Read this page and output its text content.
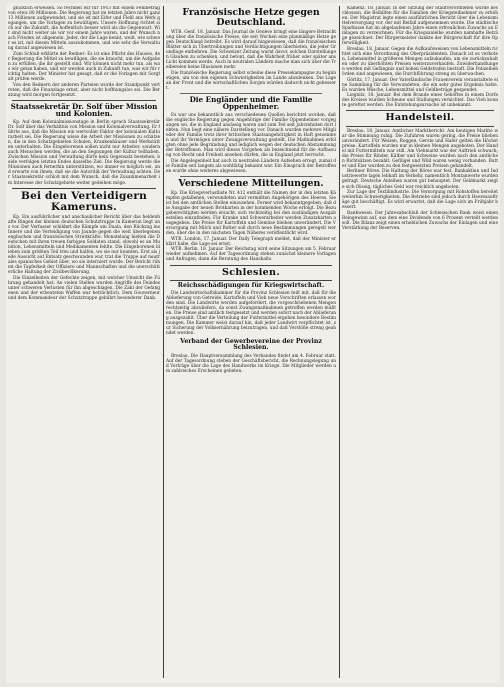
glücklich erweisen. So rechnen wir für 1913 mit einem Fehlbetrag von etwa 80 Millionen. Die Regierung hat im letzten Jahre nicht ganz 13 Millionen aufgewendet, und sie ist mit Eifer und Fleiß ans Werk gegangen, um die Vorlagen zu bewältigen. Unsere Hoffnung richtet sich auf die Zukunft, die hoffentlich besser wird als die Gegenwart. Wir sind nicht weiter als wir vor einem Jahre waren, und der Wunsch nach Frieden ist allgemein. Jeder, der die Lage kennt, weiß, wie schwer es ist, mit diesen Mitteln auszukommen, und wie sehr die Verwaltung darauf angewiesen ist.

Zum Schluß erklärte der Redner: Es ist eine Pflicht des Hauses, der Regierung die Mittel zu bewilligen, die sie braucht, um die Aufgaben zu erfüllen, die ihr gestellt sind. Wir können nicht mehr tun, als was wir getan haben, und wir werden auch in Zukunft tun, was wir für richtig halten. Der Minister hat gesagt, daß er die Vorlagen mit Sorgfalt prüfen werde.

Von den Rednern der anderen Parteien wurde der Standpunkt vertreten, daß die Finanzlage ernst, aber nicht hoffnungslos sei. Die Beratung wird morgen fortgesetzt.

Staatssekretär Dr. Solf über Mission und Kolonien.

Kp. Auf dem Kolonialmissionstage in Berlin sprach Staatssekretär Dr. Solf über das Verhältnis von Mission und Kolonialverwaltung. Er führte aus, daß die Mission ein wertvoller Faktor der kolonialen Kulturarbeit sei. Die Regierung wisse die Arbeit der Missionen zu schätzen, die in den Schutzgebieten Schulen, Krankenhäuser und Werkstätten unterhalten. Die Eingeborenen sollen nicht nur Arbeiter, sondern auch Menschen werden, die an den Segnungen der Kultur teilhaben. Zwischen Mission und Verwaltung dürfe kein Gegensatz bestehen; beide verfolgen letzten Endes dasselbe Ziel. Die Regierung werde die Missionen auch fernerhin unterstützen, wo immer es möglich sei, und erwarte von ihnen, daß sie die Autorität der Verwaltung achten. Der Staatssekretär schloß mit dem Wunsch, daß die Zusammenarbeit im Interesse der Schutzgebiete weiter gedeihen möge.

Bei den Verteidigern Kameruns.

Kp. Ein ausführlicher und anschaulicher Bericht über das heldenhafte Ringen der kleinen deutschen Schutztruppe in Kamerun liegt uns vor. Der Verfasser schildert die Kämpfe um Duala, den Rückzug ins Innere und die Verteidigung von Jaunde gegen die weit überlegenen englischen und französischen Streitkräfte. Monatelang hielten die Deutschen mit ihren treuen farbigen Soldaten stand, obwohl es an Munition, Lebensmitteln und Medikamenten fehlte. Die Eingeborenen blieben zum größten Teil treu und halfen, wo sie nur konnten. Erst als jede Aussicht auf Entsatz geschwunden war, trat die Truppe auf neutrales spanisches Gebiet über, wo sie interniert wurde. Der Bericht rühmt die Tapferkeit der Offiziere und Mannschaften und die unerschütterliche Haltung der Zivilbevölkerung.

Die Einzelheiten der Gefechte zeigen, mit welcher Umsicht die Führung gehandelt hat. An vielen Stellen wurden Angriffe des Feindes unter schweren Verlusten für ihn abgeschlagen. Die Zahl der Gefangenen und der erbeuteten Waffen war beträchtlich. Dem Gouverneur und dem Kommandeur der Schutztruppe gebührt besonderer Dank.

Französische Hetze gegen Deutschland.

WTB. Genf, 18. Januar. Das Journal de Genève bringt eine längere Betrachtung über die französische Presse, die seit Wochen eine planmäßige Hetze gegen Deutschland betreibt. Es wird darauf hingewiesen, daß die französischen Blätter sich in Übertreibungen und Verdächtigungen überbieten, die jeder Grundlage entbehren. Die Schweizer Zeitung warnt davor, solchen Darstellungen Glauben zu schenken, und betont, daß die Wahrheit früher oder später ans Licht kommen werde. Auch in neutralen Ländern mache man sich über die Treibereien keine Illusionen mehr.

Die französische Regierung selbst scheine diese Pressekampagne zu begünstigen, um von den eigenen Schwierigkeiten im Lande abzulenken. Die Lage an der Front und die wirtschaftlichen Sorgen würden dadurch nicht gebessert.

Die Engländer und die Familie Oppenheimer.

Es war uns bekanntlich aus verschiedenen Quellen berichtet worden, daß die englische Regierung gegen Angehörige der Familie Oppenheimer vorgegangen sei, die in England ansässig waren und zum Teil seit Jahrzehnten dort lebten. Nun liegt eine nähere Darstellung vor. Danach wurden mehrere Mitglieder der Familie trotz ihrer britischen Staatsangehörigkeit in Haft genommen und ihr Vermögen unter Zwangsverwaltung gestellt. Die Maßnahmen erfolgten ohne jede Begründung und lediglich wegen der deutschen Abstammung der Betroffenen. Man wird dieses Vorgehen als bezeichnend für die Auffassung von Recht und Freiheit ansehen dürfen, die in England jetzt herrscht.

Die Angelegenheit hat auch in neutralen Ländern Aufsehen erregt, zumal die Familie seit langem als wohltätig bekannt war. Ein Einspruch der Betroffenen wurde ohne weiteres abgewiesen.

Verschiedene Mitteilungen.

Kp. Die Kriegsverlustliste Nr. 412 enthält die Namen der in den letzten Kämpfen gefallenen, verwundeten und vermißten Angehörigen des Heeres. Sie ist bei den amtlichen Stellen einzusehen. Ferner wird bekanntgegeben, daß die Ausgabe der neuen Brotkarten in der kommenden Woche erfolgt. Die Bezugsberechtigten werden ersucht, sich rechtzeitig bei den zuständigen Ausgabestellen einzufinden. Für Kranke und Schwerarbeiter werden Zusatzkarten ausgegeben. Die Preise für Kartoffeln und Gemüse bleiben unverändert. Die Versorgung mit Milch und Butter soll durch neue Bestimmungen geregelt werden, über die in den nächsten Tagen Näheres veröffentlicht wird.

WTB. London, 17. Januar. Der Daily Telegraph meldet, daß der Minister erklärt habe, die Lage sei ernst.

WTB. Berlin, 18. Januar. Der Reichstag wird seine Sitzungen am 5. Februar wieder aufnehmen. Auf der Tagesordnung stehen zunächst kleinere Vorlagen und Anfragen, dann die Beratung des Haushalts.

Schlesien.
Reichsschädigungen für Kriegswirtschaft.

Die Landwirtschaftskammer für die Provinz Schlesien teilt mit, daß für die Ablieferung von Getreide, Kartoffeln und Vieh neue Vorschriften erlassen worden sind. Die Landwirte werden aufgefordert, die vorgeschriebenen Mengen rechtzeitig abzuliefern, da sonst Zwangsmaßnahmen getroffen werden müßten. Die Preise sind amtlich festgesetzt und werden sofort nach der Ablieferung ausgezahlt. Über die Verteilung der Futtermittel ergehen besondere Bestimmungen. Die Kammer weist darauf hin, daß jeder Landwirt verpflichtet ist, zur Sicherung der Volksernährung beizutragen, und daß Verstöße streng geahndet werden.

Verband der Gewerbevereine der Provinz Schlesien.

Breslau. Die Hauptversammlung des Verbandes findet am 4. Februar statt. Auf der Tagesordnung stehen der Geschäftsbericht, die Rechnungslegung und Vorträge über die Lage des Handwerks im Kriege. Die Mitglieder werden um zahlreiches Erscheinen gebeten.

Kamenz, 18. Januar. In der Sitzung der Stadtverordneten wurde beschlossen, die Beihilfen für die Familien der Kriegsteilnehmer zu erhöhen. Der Magistrat legte einen ausführlichen Bericht über die Lebensmittelversorgung vor, der mit Beifall aufgenommen wurde. Die städtische Sparkasse hat im abgelaufenen Jahre einen erfreulichen Zuwachs an Einlagen zu verzeichnen. Für die Kriegsanleihe wurden namhafte Beträge gezeichnet. Der Bürgermeister dankte der Bürgerschaft für ihre Opferwilligkeit.

Breslau, 18. Januar. Gegen die Aufkaufsweisen von Lebensmitteln richtet sich eine Verordnung des Oberpräsidenten. Danach ist es verboten, Lebensmittel in größeren Mengen aufzukaufen, um sie zurückzuhalten oder zu überhöhten Preisen weiterzuverkaufen. Zuwiderhandlungen werden mit Gefängnis und hohen Geldstrafen bestraft. Die Polizeibehörden sind angewiesen, die Durchführung streng zu überwachen.

Görlitz, 17. Januar. Der Vaterländische Frauenverein veranstaltete eine Sammlung für die Verwundeten, die ein sehr gutes Ergebnis hatte. Es wurden Wäsche, Lebensmittel und Geldbeträge gespendet.

Liegnitz, 18. Januar. Bei dem Brande eines Gehöftes in einem Dorfe des Kreises wurden Scheune und Stallungen vernichtet. Das Vieh konnte gerettet werden. Die Entstehungsursache ist unbekannt.

Handelsteil.

Breslau, 18. Januar. Amtlicher Marktbericht. Am heutigen Markte war die Stimmung ruhig. Die Zufuhren waren gering, die Preise blieben unverändert. Für Weizen, Roggen, Gerste und Hafer gelten die Höchstpreise. Kartoffeln wurden nur in kleinen Mengen angeboten. Der Handel mit Futtermitteln war still. Am Viehmarkt war der Auftrieb schwach; die Preise für Rinder, Kälber und Schweine wurden nach den amtlichen Richtsätzen bezahlt. Geflügel und Wild waren wenig vorhanden. Butter und Eier wurden zu den festgesetzten Preisen gehandelt.

Berliner Börse. Die Haltung der Börse war fest. Bankaktien und Industriewerte lagen lebhaft im Verkehr, namentlich Montanwerte wurden gefragt. Deutsche Anleihen waren gut behauptet. Der Geldmarkt zeigte sich flüssig, tägliches Geld war reichlich angeboten.

Zur Lage der Textilindustrie. Die Versorgung mit Rohstoffen bereitet weiterhin Schwierigkeiten. Die Betriebe sind jedoch durch Heeresaufträge gut beschäftigt. Es wird erwartet, daß die Lage sich im Frühjahr bessert.

Bankwesen. Der Jahresabschluß der Schlesischen Bank weist einen Reingewinn auf, aus dem eine Dividende von 6 Prozent verteilt werden soll. Die Bilanz zeigt einen erheblichen Zuwachs der Einlagen und eine Verstärkung der Reserven.
